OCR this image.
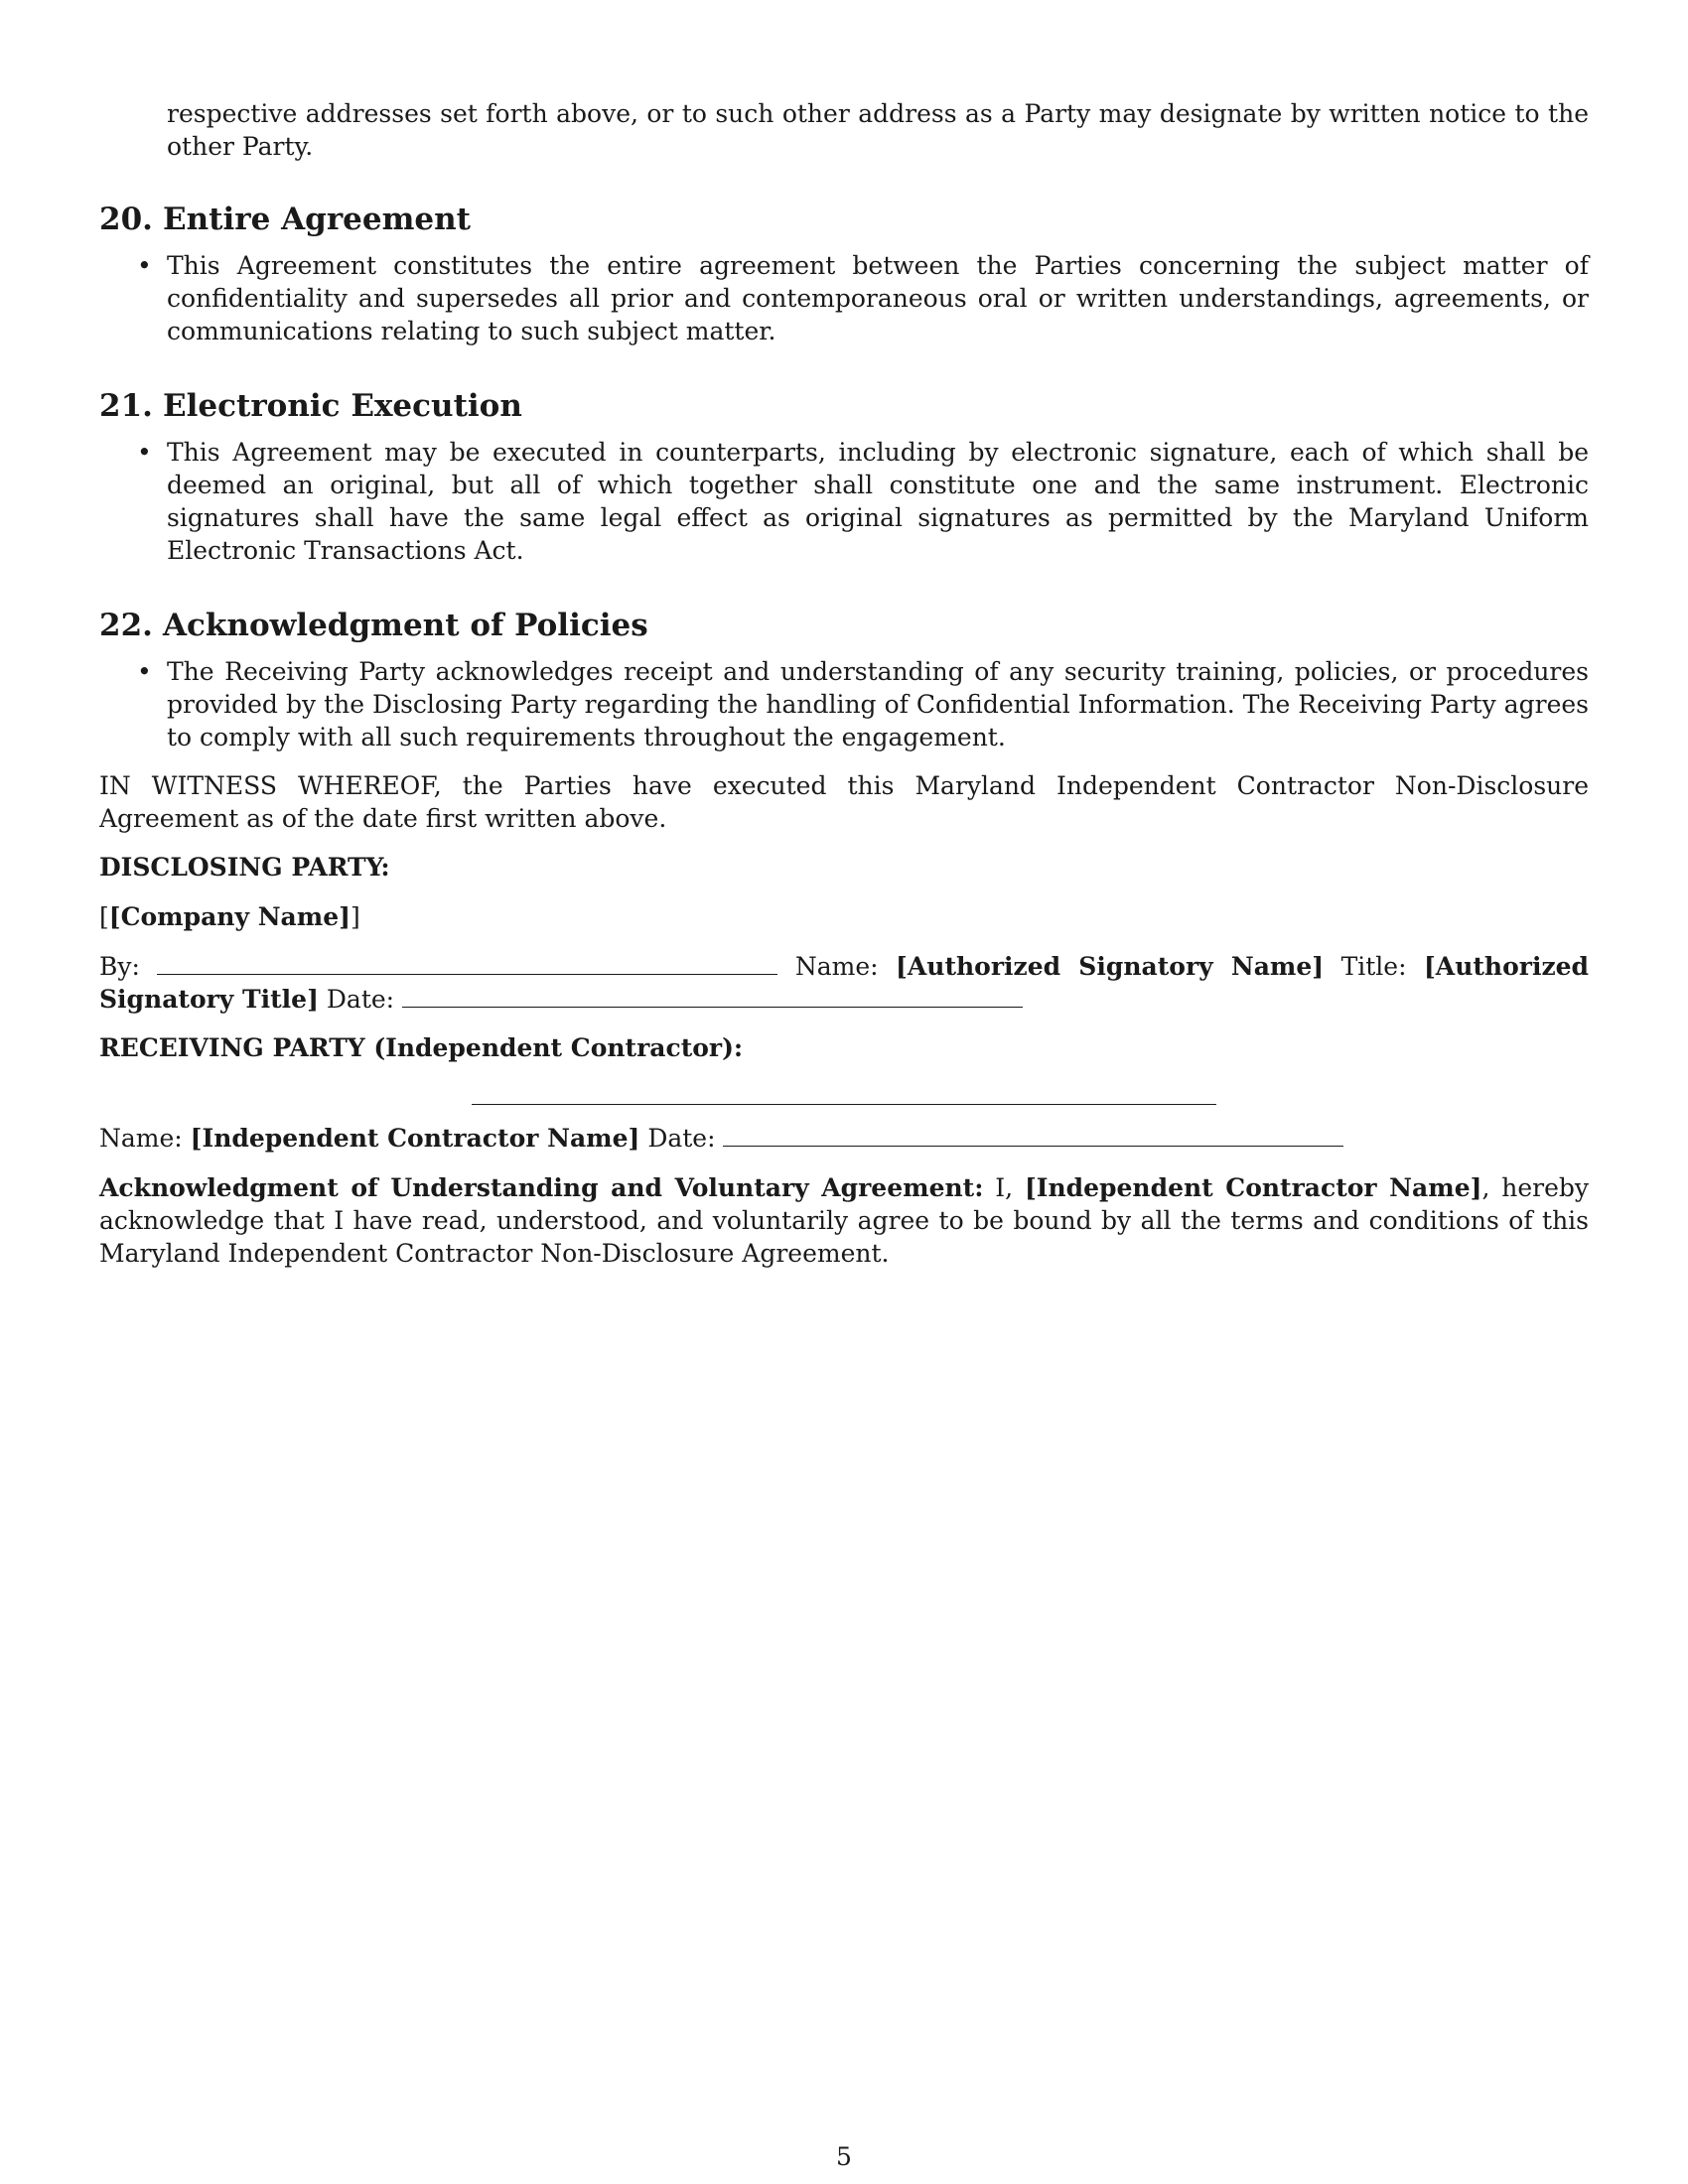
respective addresses set forth above, or to such other address as a Party may designate by written notice to the other Party.

20. Entire Agreement
• This Agreement constitutes the entire agreement between the Parties concerning the subject matter of confidentiality and supersedes all prior and contemporaneous oral or written understandings, agreements, or communications relating to such subject matter.
21. Electronic Execution
• This Agreement may be executed in counterparts, including by electronic signature, each of which shall be deemed an original, but all of which together shall constitute one and the same instrument. Electronic signatures shall have the same legal effect as original signatures as permitted by the Maryland Uniform Electronic Transactions Act.
22. Acknowledgment of Policies
• The Receiving Party acknowledges receipt and understanding of any security training, policies, or procedures provided by the Disclosing Party regarding the handling of Confidential Information. The Receiving Party agrees to comply with all such requirements throughout the engagement.

IN WITNESS WHEREOF, the Parties have executed this Maryland Independent Contractor Non-Disclosure Agreement as of the date first written above.

DISCLOSING PARTY:

[[Company Name]]

By:	Name: [Authorized Signatory Name] Title: [Authorized Signatory Title] Date:

RECEIVING PARTY (Independent Contractor):

Name: [Independent Contractor Name] Date:

Acknowledgment of Understanding and Voluntary Agreement: I, [Independent Contractor Name], hereby acknowledge that I have read, understood, and voluntarily agree to be bound by all the terms and conditions of this Maryland Independent Contractor Non-Disclosure Agreement.

5
